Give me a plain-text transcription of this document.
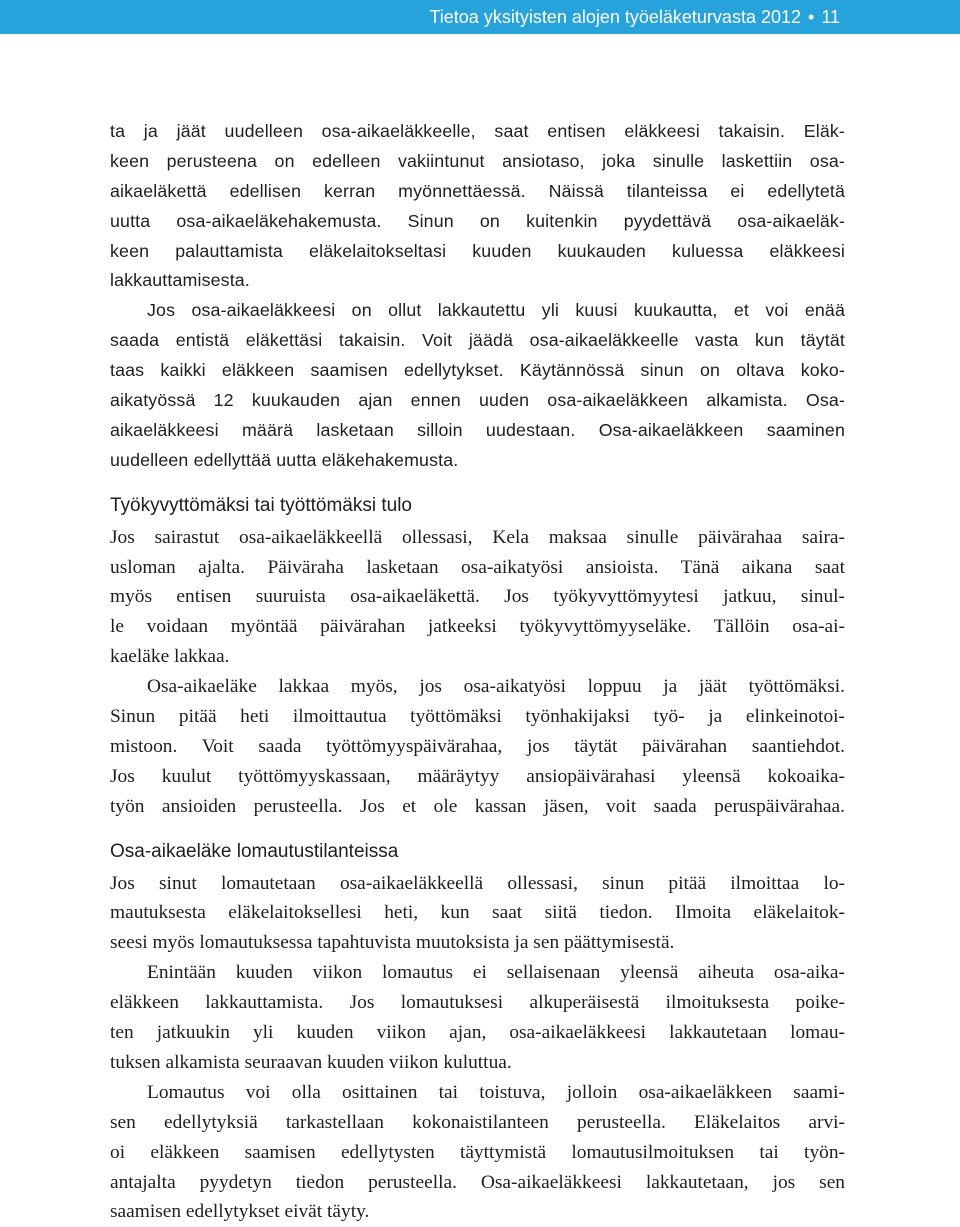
Tietoa yksityisten alojen työeläketurvasta 2012 • 11
ta ja jäät uudelleen osa-aikaeläkkeelle, saat entisen eläkkeesi takaisin. Eläk-
keen perusteena on edelleen vakiintunut ansiotaso, joka sinulle laskettiin osa-
aikaeläkettä edellisen kerran myönnettäessä. Näissä tilanteissa ei edellytetä
uutta osa-aikaeläkehakemusta. Sinun on kuitenkin pyydettävä osa-aikaeläk-
keen palauttamista eläkelaitokseltasi kuuden kuukauden kuluessa eläkkeesi
lakkauttamisesta.
Jos osa-aikaeläkkeesi on ollut lakkautettu yli kuusi kuukautta, et voi enää
saada entistä eläkettäsi takaisin. Voit jäädä osa-aikaeläkkeelle vasta kun täytät
taas kaikki eläkkeen saamisen edellytykset. Käytännössä sinun on oltava koko-
aikatyössä 12 kuukauden ajan ennen uuden osa-aikaeläkkeen alkamista. Osa-
aikaeläkkeesi määrä lasketaan silloin uudestaan. Osa-aikaeläkkeen saaminen
uudelleen edellyttää uutta eläkehakemusta.
Työkyvyttömäksi tai työttömäksi tulo
Jos sairastut osa-aikaeläkkeellä ollessasi, Kela maksaa sinulle päivärahaa saira-
usloman ajalta. Päiväraha lasketaan osa-aikatyösi ansioista. Tänä aikana saat
myös entisen suuruista osa-aikaeläkettä. Jos työkyvyttömyytesi jatkuu, sinul-
le voidaan myöntää päivärahan jatkeeksi työkyvyttömyyseläke. Tällöin osa-ai-
kaeläke lakkaa.
Osa-aikaeläke lakkaa myös, jos osa-aikatyösi loppuu ja jäät työttömäksi.
Sinun pitää heti ilmoittautua työttömäksi työnhakijaksi työ- ja elinkeinotoi-
mistoon. Voit saada työttömyyspäivärahaa, jos täytät päivärahan saantiehdot.
Jos kuulut työttömyyskassaan, määräytyy ansiopäivärahasi yleensä kokoaika-
työn ansioiden perusteella. Jos et ole kassan jäsen, voit saada peruspäivärahaa.
Osa-aikaeläke lomautustilanteissa
Jos sinut lomautetaan osa-aikaeläkkeellä ollessasi, sinun pitää ilmoittaa lo-
mautuksesta eläkelaitoksellesi heti, kun saat siitä tiedon. Ilmoita eläkelaitok-
seesi myös lomautuksessa tapahtuvista muutoksista ja sen päättymisestä.
Enintään kuuden viikon lomautus ei sellaisenaan yleensä aiheuta osa-aika-
eläkkeen lakkauttamista. Jos lomautuksesi alkuperäisestä ilmoituksesta poike-
ten jatkuukin yli kuuden viikon ajan, osa-aikaeläkkeesi lakkautetaan lomau-
tuksen alkamista seuraavan kuuden viikon kuluttua.
Lomautus voi olla osittainen tai toistuva, jolloin osa-aikaeläkkeen saami-
sen edellytyksiä tarkastellaan kokonaistilanteen perusteella. Eläkelaitos arvi-
oi eläkkeen saamisen edellytysten täyttymistä lomautusilmoituksen tai työn-
antajalta pyydetyn tiedon perusteella. Osa-aikaeläkkeesi lakkautetaan, jos sen
saamisen edellytykset eivät täyty.
